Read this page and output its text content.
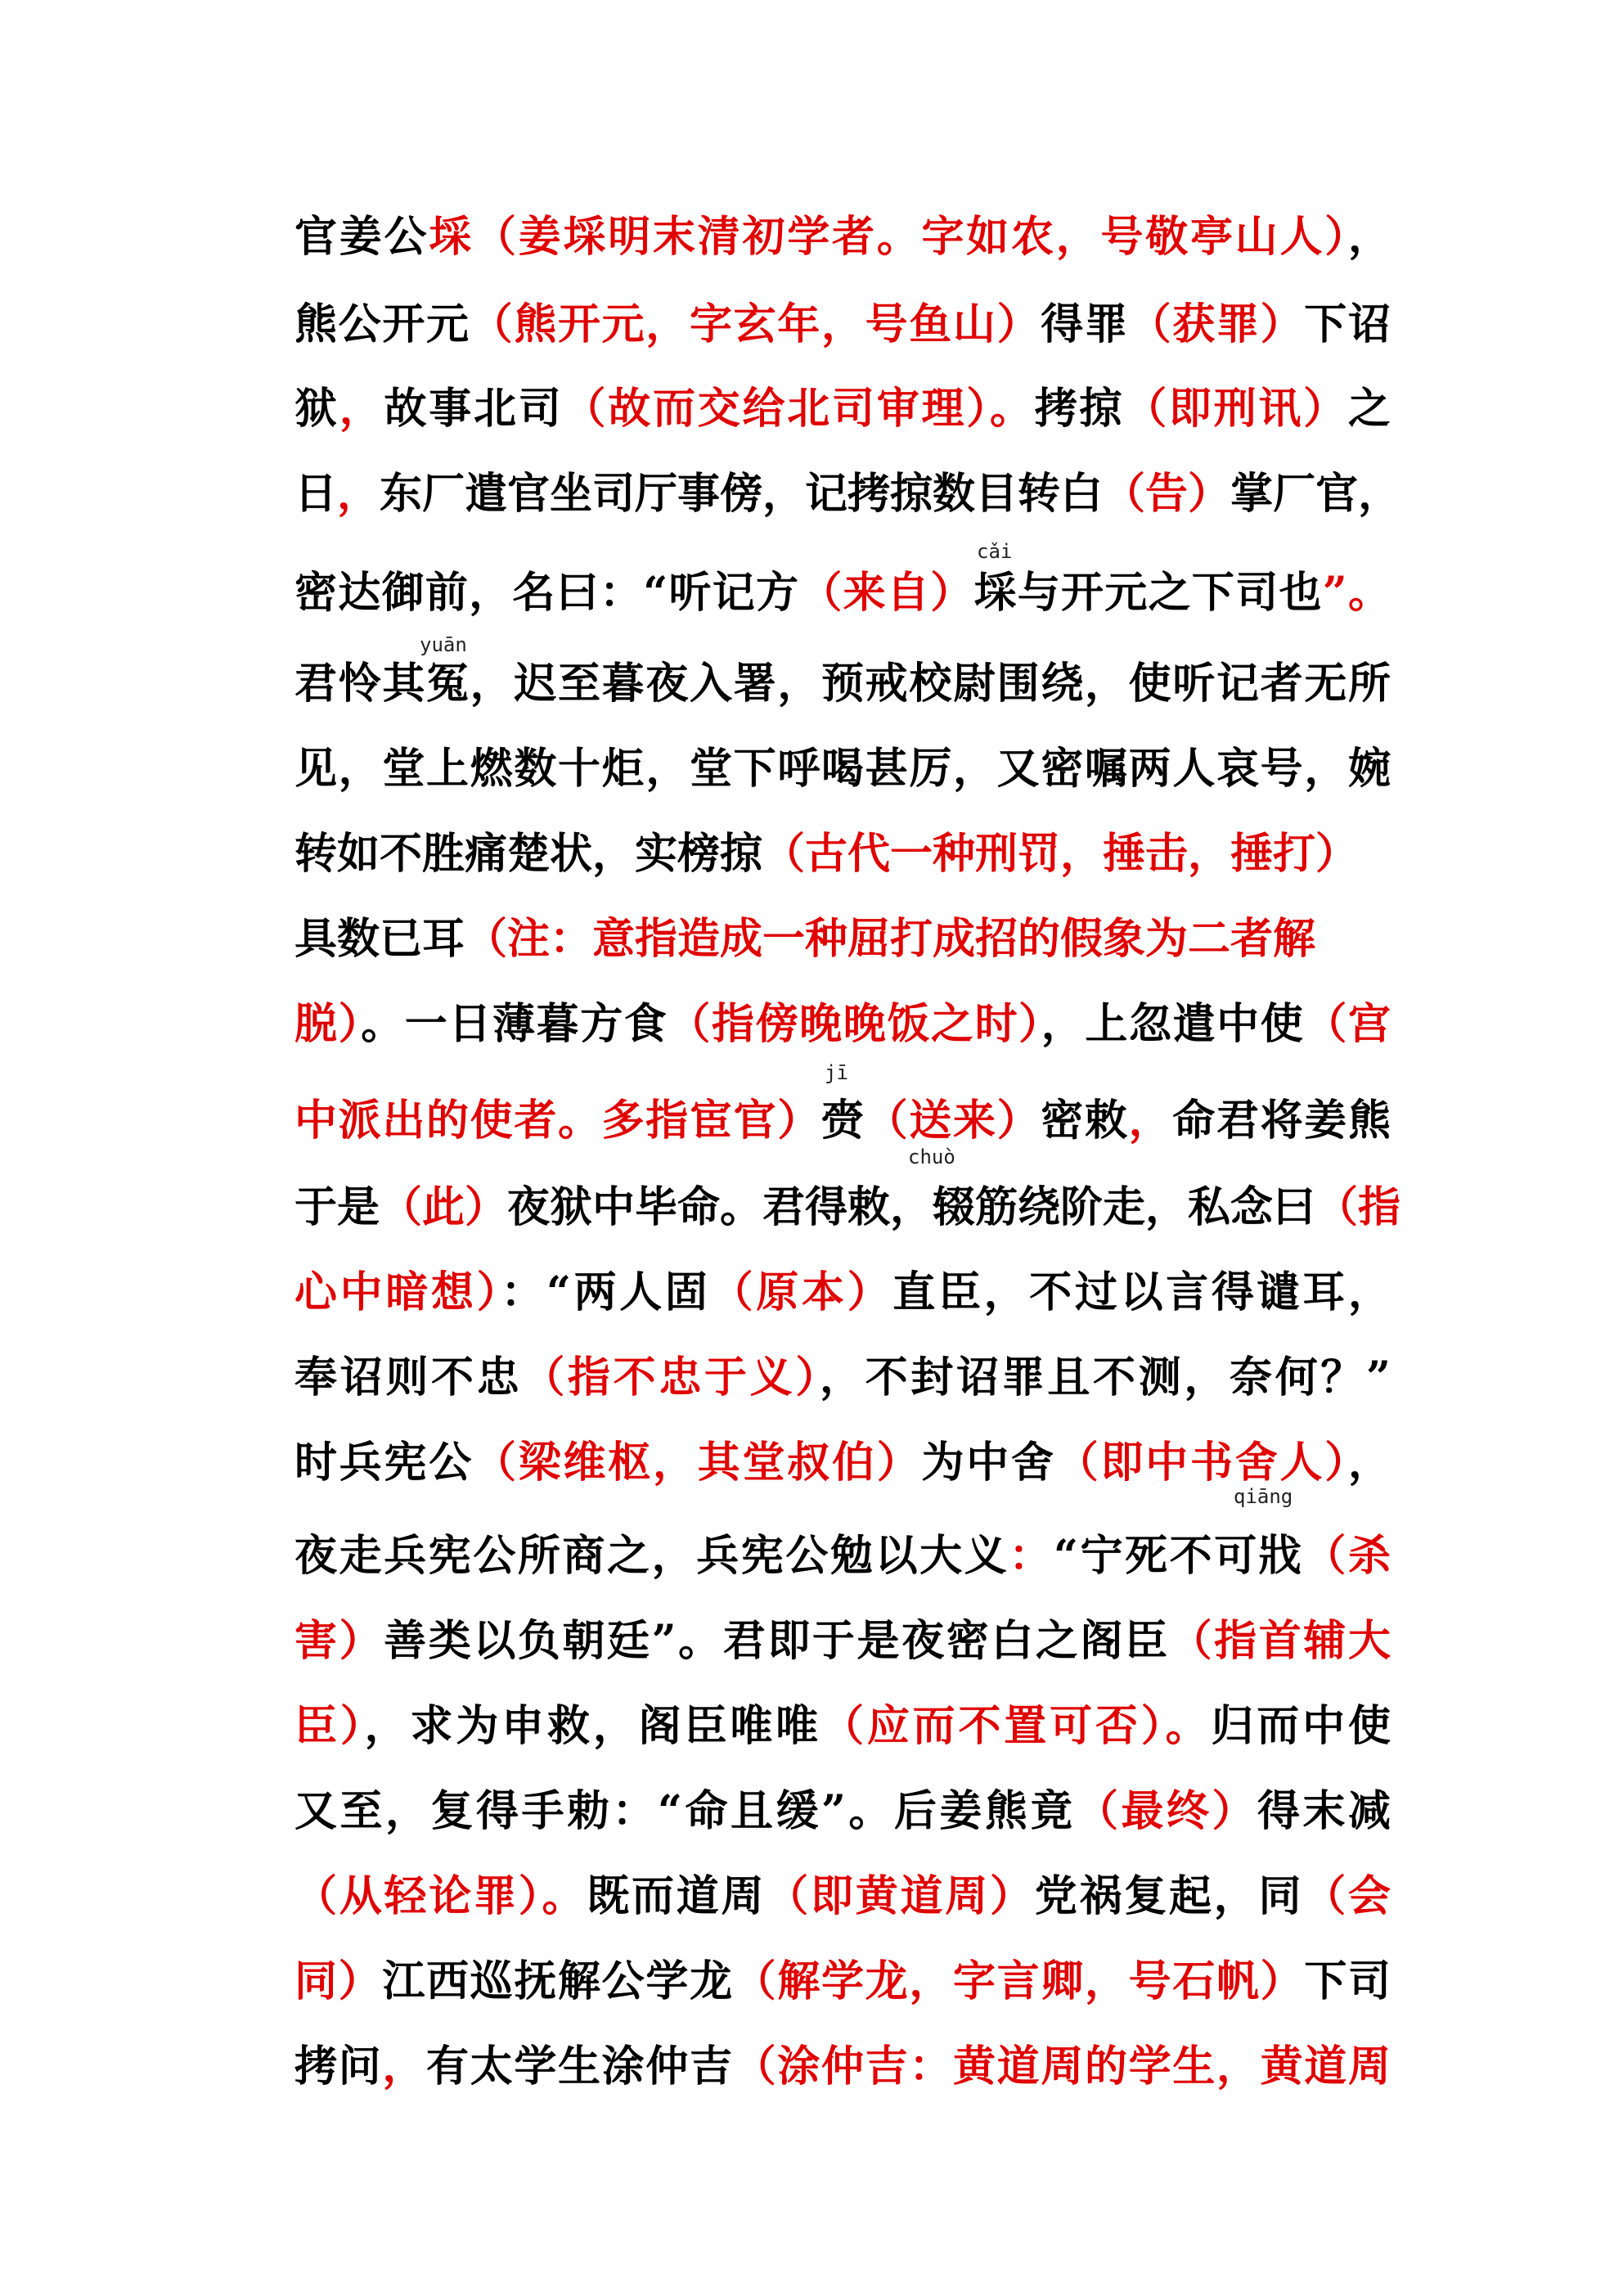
官姜公埰（姜埰明末清初学者。字如农，号敬亭山人），
熊公开元（熊开元，字玄年，号鱼山）得罪（获罪）下诏
狱，故事北司（故而交给北司审理）。拷掠（即刑讯）之
日，东厂遣官坐司厅事傍，记拷掠数目转白（告）掌厂官，
密达御前，名曰：“听记方（来自）埰与开元之下司也”。
君怜其冤，迟至暮夜入署，预戒校尉围绕，使听记者无所
见，堂上燃数十炬，堂下呼喝甚厉，又密嘱两人哀号，婉
转如不胜痛楚状，实榜掠（古代一种刑罚，捶击，捶打）
具数已耳（注：意指造成一种屈打成招的假象为二者解
脱）。一日薄暮方食（指傍晚晚饭之时），上忽遣中使（宫
中派出的使者。多指宦官）赍（送来）密敕，命君将姜熊
于是（此）夜狱中毕命。君得敕，辍筋绕阶走，私念曰（指
心中暗想）：“两人固（原本）直臣，不过以言得谴耳，
奉诏则不忠（指不忠于义），不封诏罪且不测，奈何？”
时兵宪公（梁维枢，其堂叔伯）为中舍（即中书舍人），
夜走兵宪公所商之，兵宪公勉以大义：“宁死不可戕（杀
害）善类以负朝廷”。君即于是夜密白之阁臣（指首辅大
臣），求为申救，阁臣唯唯（应而不置可否）。归而中使
又至，复得手勅：“命且缓”。后姜熊竟（最终）得末减
（从轻论罪）。既而道周（即黄道周）党祸复起，同（会
同）江西巡抚解公学龙（解学龙，字言卿，号石帆）下司
拷问，有太学生涂仲吉（涂仲吉：黄道周的学生，黄道周
cǎi
yuān
jī
chuò
qiāng
